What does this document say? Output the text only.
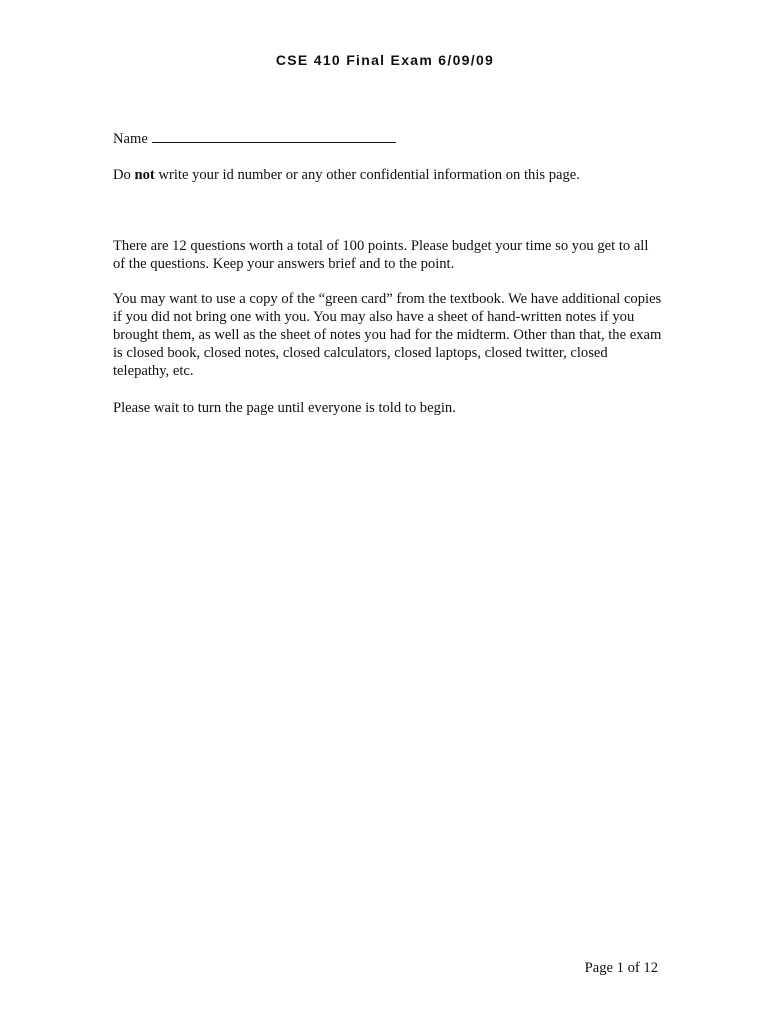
CSE 410 Final Exam 6/09/09
Name
Do not write your id number or any other confidential information on this page.
There are 12 questions worth a total of 100 points. Please budget your time so you get to all of the questions. Keep your answers brief and to the point.
You may want to use a copy of the “green card” from the textbook. We have additional copies if you did not bring one with you. You may also have a sheet of hand-written notes if you brought them, as well as the sheet of notes you had for the midterm. Other than that, the exam is closed book, closed notes, closed calculators, closed laptops, closed twitter, closed telepathy, etc.
Please wait to turn the page until everyone is told to begin.
Page 1 of 12
